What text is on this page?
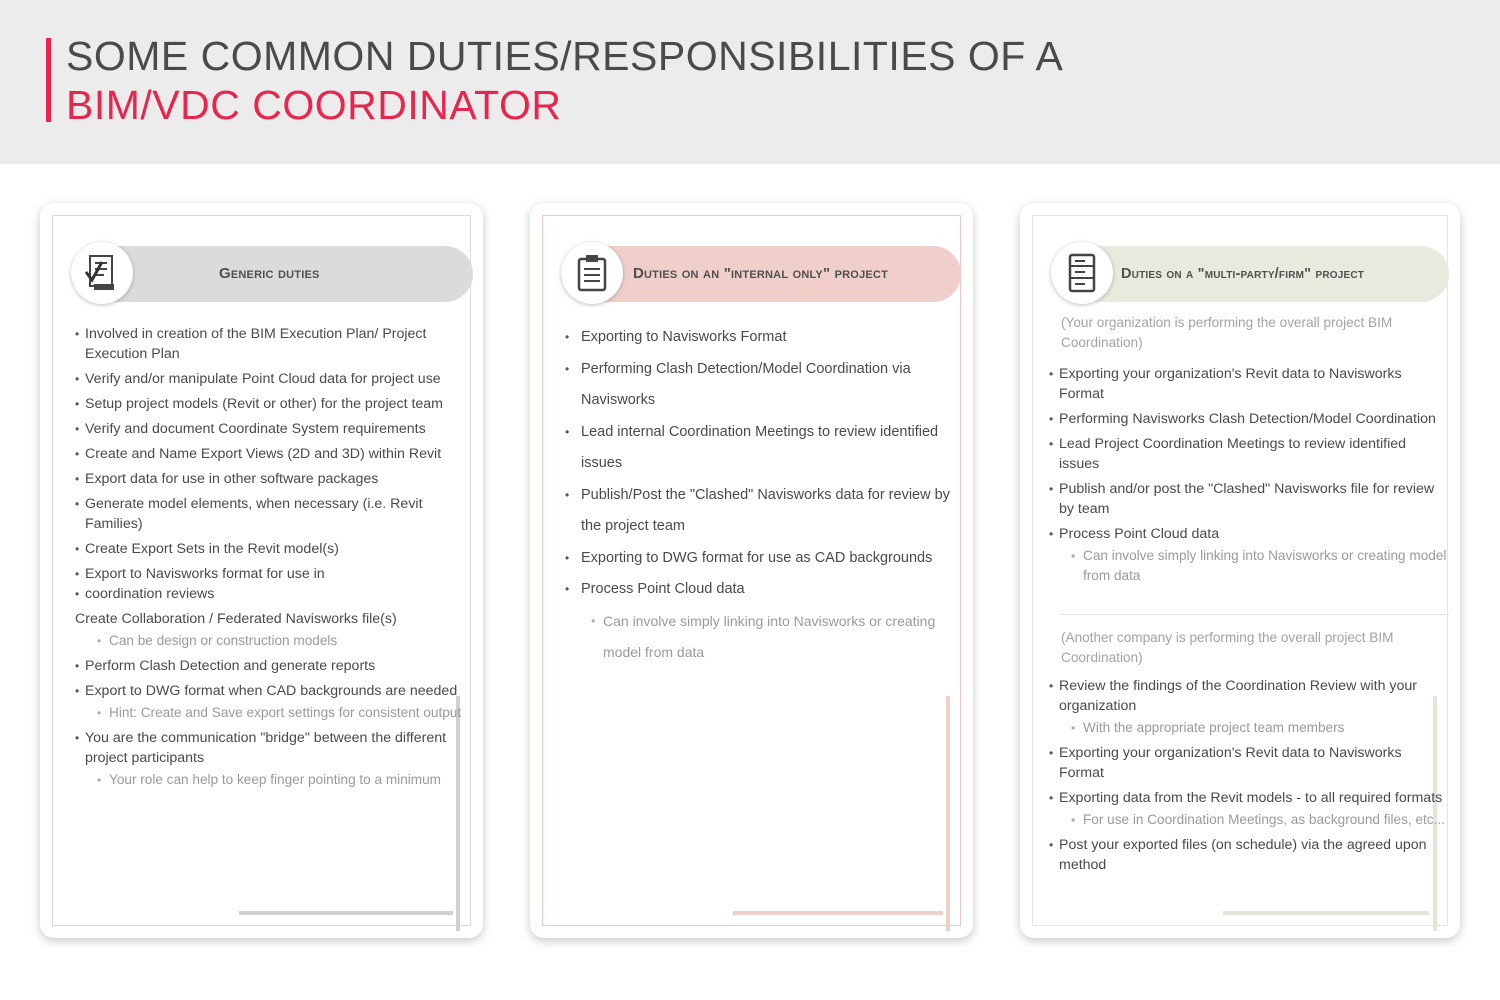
SOME COMMON DUTIES/RESPONSIBILITIES OF A
BIM/VDC COORDINATOR
Generic duties
• Involved in creation of the BIM Execution Plan/ Project Execution Plan
• Verify and/or manipulate Point Cloud data for project use
• Setup project models (Revit or other) for the project team
• Verify and document Coordinate System requirements
• Create and Name Export Views (2D and 3D) within Revit
• Export data for use in other software packages
• Generate model elements, when necessary (i.e. Revit Families)
• Create Export Sets in the Revit model(s)
• Export to Navisworks format for use in
• coordination reviews
Create Collaboration / Federated Navisworks file(s)
• Can be design or construction models
• Perform Clash Detection and generate reports
• Export to DWG format when CAD backgrounds are needed
• Hint: Create and Save export settings for consistent output
• You are the communication "bridge" between the different project participants
• Your role can help to keep finger pointing to a minimum
Duties on an "internal only" project
• Exporting to Navisworks Format
• Performing Clash Detection/Model Coordination via Navisworks
• Lead internal Coordination Meetings to review identified issues
• Publish/Post the "Clashed" Navisworks data for review by the project team
• Exporting to DWG format for use as CAD backgrounds
• Process Point Cloud data
• Can involve simply linking into Navisworks or creating model from data
Duties on a "multi-party/firm" project
(Your organization is performing the overall project BIM Coordination)
• Exporting your organization's Revit data to Navisworks Format
• Performing Navisworks Clash Detection/Model Coordination
• Lead Project Coordination Meetings to review identified issues
• Publish and/or post the "Clashed" Navisworks file for review by team
• Process Point Cloud data
• Can involve simply linking into Navisworks or creating model from data
(Another company is performing the overall project BIM Coordination)
• Review the findings of the Coordination Review with your organization
• With the appropriate project team members
• Exporting your organization's Revit data to Navisworks Format
• Exporting data from the Revit models - to all required formats
• For use in Coordination Meetings, as background files, etc...
• Post your exported files (on schedule) via the agreed upon method
